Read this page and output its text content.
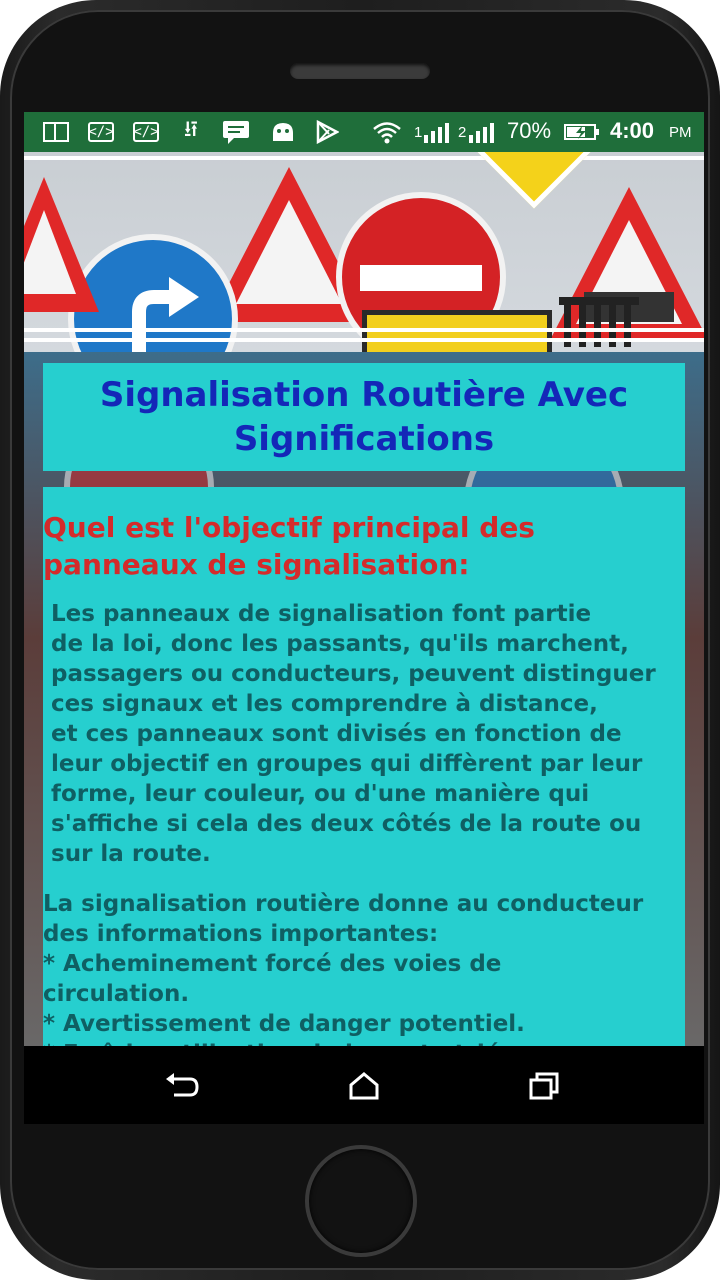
</> </> ⭿	1 2 70%	4:00 PM
Signalisation Routière Avec Significations
Quel est l'objectif principal des panneaux de signalisation:
Les panneaux de signalisation font partie
de la loi, donc les passants, qu'ils marchent,
passagers ou conducteurs, peuvent distinguer
ces signaux et les comprendre à distance,
et ces panneaux sont divisés en fonction de
leur objectif en groupes qui diffèrent par leur
forme, leur couleur, ou d'une manière qui
s'affiche si cela des deux côtés de la route ou
sur la route.
La signalisation routière donne au conducteur
des informations importantes:
* Acheminement forcé des voies de
circulation.
* Avertissement de danger potentiel.
